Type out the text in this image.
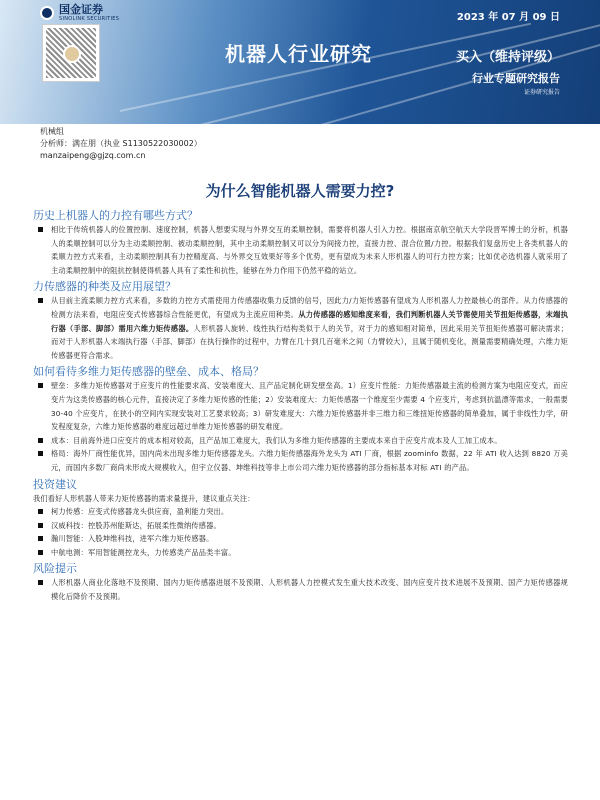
国金证券
SINOLINK SECURITIES	2023 年 07 月 09 日
机器人行业研究	买入（维持评级）
行业专题研究报告
证券研究报告
机械组
分析师：满在朋（执业 S1130522030002）
manzaipeng@gjzq.com.cn
为什么智能机器人需要力控?
历史上机器人的力控有哪些方式？
相比于传统机器人的位置控制、速度控制，机器人想要实现与外界交互的柔顺控制，需要将机器人引入力控。根据南京航空航天大学段晋军博士的分析，机器人的柔顺控制可以分为主动柔顺控制、被动柔顺控制，其中主动柔顺控制又可以分为间接力控，直接力控、混合位置/力控。根据我们复盘历史上各类机器人的柔顺力控方式来看，主动柔顺控制具有力控精度高、与外界交互效果好等多个优势，更有望成为未来人形机器人的可行力控方案；比如优必选机器人就采用了主动柔顺控制中的阻抗控制使得机器人具有了柔性和抗性，能够在外力作用下仍然平稳的站立。
力传感器的种类及应用展望？
从目前主流柔顺力控方式来看，多数的力控方式需使用力传感器收集力反馈的信号，因此力/力矩传感器有望成为人形机器人力控最核心的部件。从力传感器的检测方法来看，电阻应变式传感器综合性能更优，有望成为主流应用种类。从力传感器的感知维度来看，我们判断机器人关节需使用关节扭矩传感器，末端执行器（手部、脚部）需用六维力矩传感器。人形机器人旋转、线性执行结构类似于人的关节，对于力的感知相对简单，因此采用关节扭矩传感器可解决需求；而对于人形机器人末端执行器（手部、脚部）在执行操作的过程中，力臂在几十到几百毫米之间（力臂较大），且属于随机变化，测量需要精确处理，六维力矩传感器更符合需求。
如何看待多维力矩传感器的壁垒、成本、格局？
壁垒：多维力矩传感器对于应变片的性能要求高、安装难度大、且产品定制化研发壁垒高。1）应变片性能：力矩传感器最主流的检测方案为电阻应变式，而应变片为这类传感器的核心元件，直接决定了多维力矩传感的性能；2）安装难度大：力矩传感器一个维度至少需要 4 个应变片，考虑到抗温漂等需求，一般需要 30-40 个应变片，在狭小的空间内实现安装对工艺要求较高；3）研发难度大：六维力矩传感器并非三维力和三维扭矩传感器的简单叠加，属于非线性力学，研发程度复杂，六维力矩传感器的难度远超过单维力矩传感器的研发难度。
成本：目前海外进口应变片的成本相对较高，且产品加工难度大，我们认为多维力矩传感器的主要成本来自于应变片成本及人工加工成本。
格局：海外厂商性能优异，国内尚未出现多维力矩传感器龙头。六维力矩传感器海外龙头为 ATI 厂商，根据 zoominfo 数据，22 年 ATI 收入达到 8820 万美元，而国内多数厂商尚未形成大规模收入，但宇立仪器、坤维科技等非上市公司六维力矩传感器的部分指标基本对标 ATI 的产品。
投资建议
我们看好人形机器人带来力矩传感器的需求量提升，建议重点关注：
柯力传感：应变式传感器龙头供应商，盈利能力突出。
汉威科技：控股苏州能斯达，拓展柔性微纳传感器。
瀚川智能：入股坤维科技，进军六维力矩传感器。
中航电测：军用智能测控龙头，力传感类产品品类丰富。
风险提示
人形机器人商业化落地不及预期、国内力矩传感器进展不及预期、人形机器人力控模式发生重大技术改变、国内应变片技术进展不及预期、国产力矩传感器规模化后降价不及预期。
